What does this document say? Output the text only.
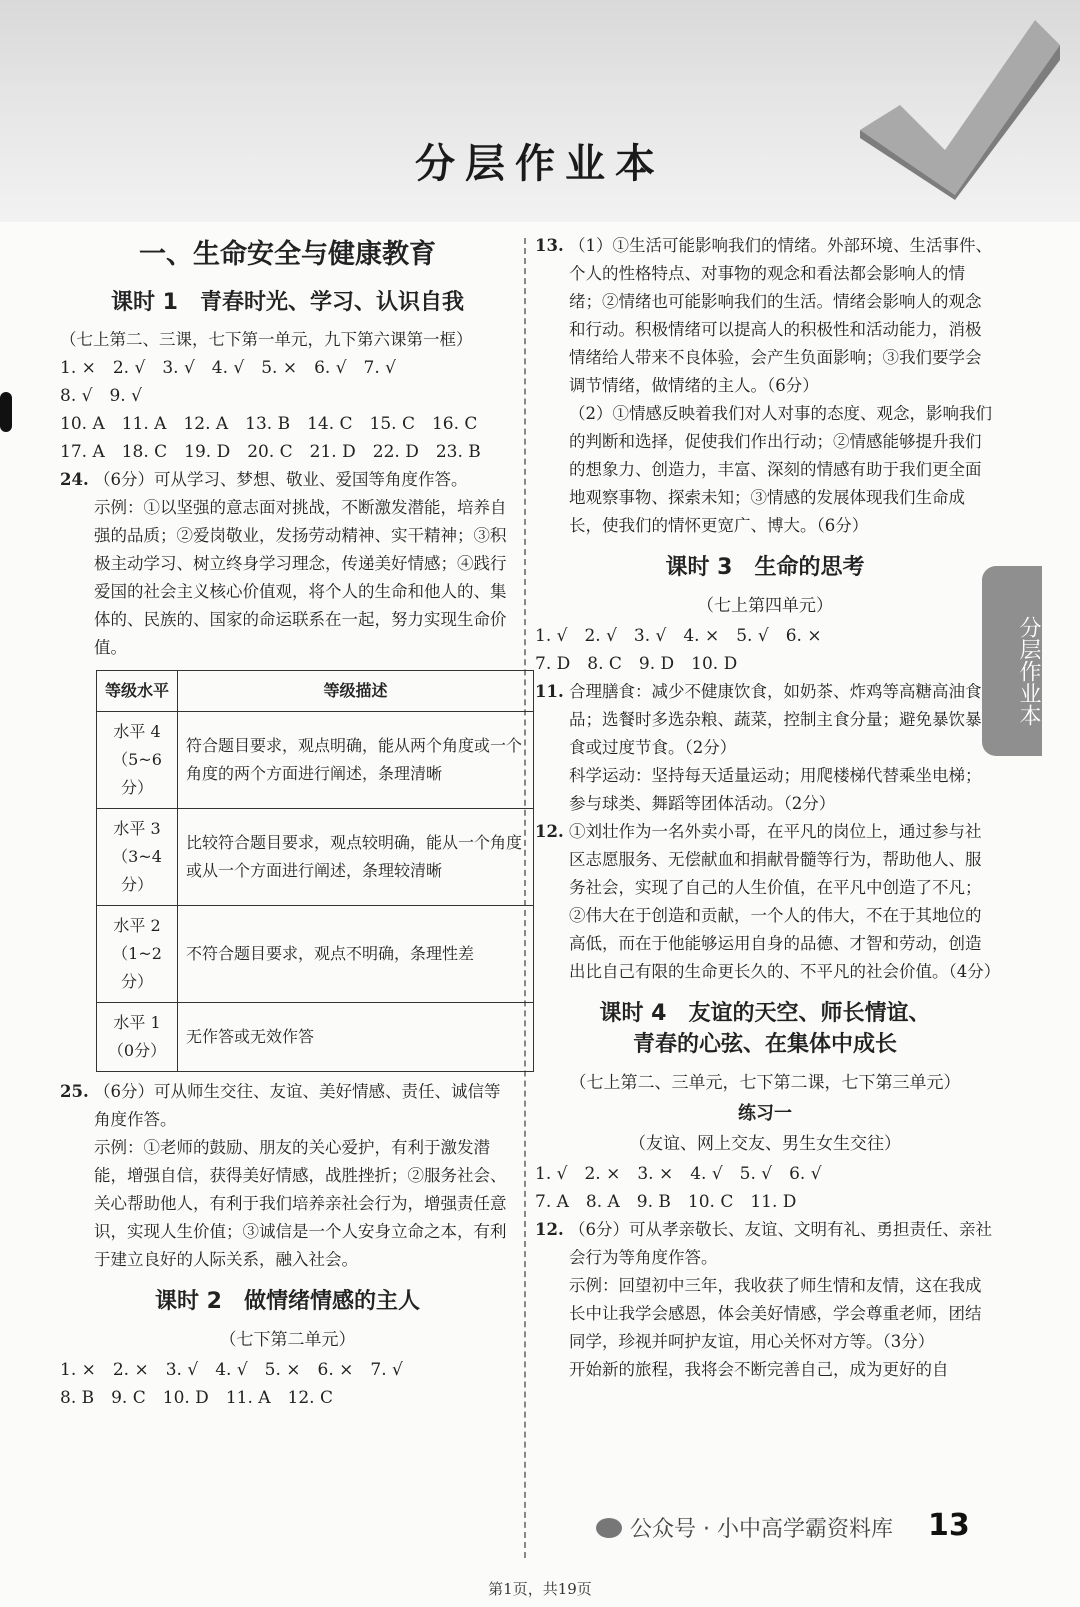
分层作业本
一、生命安全与健康教育
课时 1　青春时光、学习、认识自我
（七上第二、三课，七下第一单元，九下第六课第一框）
1. ×　2. √　3. √　4. √　5. ×　6. √　7. √
8. √　9. √
10. A　11. A　12. A　13. B　14. C　15. C　16. C
17. A　18. C　19. D　20. C　21. D　22. D　23. B
24. （6分）可从学习、梦想、敬业、爱国等角度作答。
示例：①以坚强的意志面对挑战，不断激发潜能，培养自强的品质；②爱岗敬业，发扬劳动精神、实干精神；③积极主动学习、树立终身学习理念，传递美好情感；④践行爱国的社会主义核心价值观，将个人的生命和他人的、集体的、民族的、国家的命运联系在一起，努力实现生命价值。
等级水平	等级描述
水平 4
（5~6分）	符合题目要求，观点明确，能从两个角度或一个角度的两个方面进行阐述，条理清晰
水平 3
（3~4分）	比较符合题目要求，观点较明确，能从一个角度或从一个方面进行阐述，条理较清晰
水平 2
（1~2分）	不符合题目要求，观点不明确，条理性差
水平 1
（0分）	无作答或无效作答
25. （6分）可从师生交往、友谊、美好情感、责任、诚信等角度作答。
示例：①老师的鼓励、朋友的关心爱护，有利于激发潜能，增强自信，获得美好情感，战胜挫折；②服务社会、关心帮助他人，有利于我们培养亲社会行为，增强责任意识，实现人生价值；③诚信是一个人安身立命之本，有利于建立良好的人际关系，融入社会。
课时 2　做情绪情感的主人
（七下第二单元）
1. ×　2. ×　3. √　4. √　5. ×　6. ×　7. √
8. B　9. C　10. D　11. A　12. C
13. （1）①生活可能影响我们的情绪。外部环境、生活事件、个人的性格特点、对事物的观念和看法都会影响人的情绪；②情绪也可能影响我们的生活。情绪会影响人的观念和行动。积极情绪可以提高人的积极性和活动能力，消极情绪给人带来不良体验，会产生负面影响；③我们要学会调节情绪，做情绪的主人。（6分）
（2）①情感反映着我们对人对事的态度、观念，影响我们的判断和选择，促使我们作出行动；②情感能够提升我们的想象力、创造力，丰富、深刻的情感有助于我们更全面地观察事物、探索未知；③情感的发展体现我们生命成长，使我们的情怀更宽广、博大。（6分）
课时 3　生命的思考
（七上第四单元）
1. √　2. √　3. √　4. ×　5. √　6. ×
7. D　8. C　9. D　10. D
11. 合理膳食：减少不健康饮食，如奶茶、炸鸡等高糖高油食品；选餐时多选杂粮、蔬菜，控制主食分量；避免暴饮暴食或过度节食。（2分）
科学运动：坚持每天适量运动；用爬楼梯代替乘坐电梯；参与球类、舞蹈等团体活动。（2分）
12. ①刘壮作为一名外卖小哥，在平凡的岗位上，通过参与社区志愿服务、无偿献血和捐献骨髓等行为，帮助他人、服务社会，实现了自己的人生价值，在平凡中创造了不凡；②伟大在于创造和贡献，一个人的伟大，不在于其地位的高低，而在于他能够运用自身的品德、才智和劳动，创造出比自己有限的生命更长久的、不平凡的社会价值。（4分）
课时 4　友谊的天空、师长情谊、
青春的心弦、在集体中成长
（七上第二、三单元，七下第二课，七下第三单元）
练习一
（友谊、网上交友、男生女生交往）
1. √　2. ×　3. ×　4. √　5. √　6. √
7. A　8. A　9. B　10. C　11. D
12. （6分）可从孝亲敬长、友谊、文明有礼、勇担责任、亲社会行为等角度作答。
示例：回望初中三年，我收获了师生情和友情，这在我成长中让我学会感恩，体会美好情感，学会尊重老师，团结同学，珍视并呵护友谊，用心关怀对方等。（3分）
开始新的旅程，我将会不断完善自己，成为更好的自
分层作业本
公众号 · 小中高学霸资料库 13
第1页，共19页
